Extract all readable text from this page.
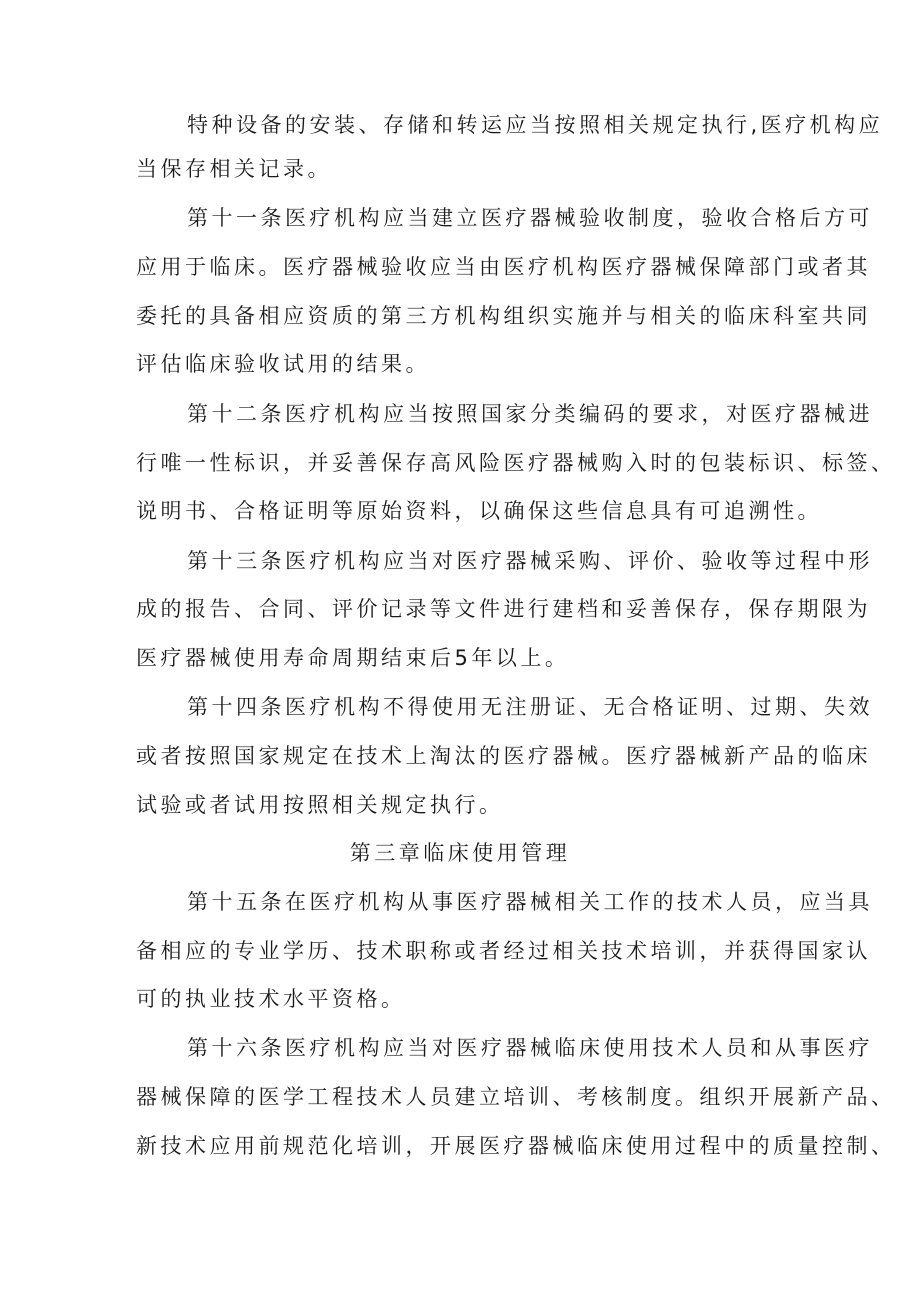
特种设备的安装、存储和转运应当按照相关规定执行,医疗机构应
当保存相关记录。
第十一条医疗机构应当建立医疗器械验收制度，验收合格后方可
应用于临床。医疗器械验收应当由医疗机构医疗器械保障部门或者其
委托的具备相应资质的第三方机构组织实施并与相关的临床科室共同
评估临床验收试用的结果。
第十二条医疗机构应当按照国家分类编码的要求，对医疗器械进
行唯一性标识，并妥善保存高风险医疗器械购入时的包装标识、标签、
说明书、合格证明等原始资料，以确保这些信息具有可追溯性。
第十三条医疗机构应当对医疗器械采购、评价、验收等过程中形
成的报告、合同、评价记录等文件进行建档和妥善保存，保存期限为
医疗器械使用寿命周期结束后5年以上。
第十四条医疗机构不得使用无注册证、无合格证明、过期、失效
或者按照国家规定在技术上淘汰的医疗器械。医疗器械新产品的临床
试验或者试用按照相关规定执行。
第三章临床使用管理
第十五条在医疗机构从事医疗器械相关工作的技术人员，应当具
备相应的专业学历、技术职称或者经过相关技术培训，并获得国家认
可的执业技术水平资格。
第十六条医疗机构应当对医疗器械临床使用技术人员和从事医疗
器械保障的医学工程技术人员建立培训、考核制度。组织开展新产品、
新技术应用前规范化培训，开展医疗器械临床使用过程中的质量控制、
